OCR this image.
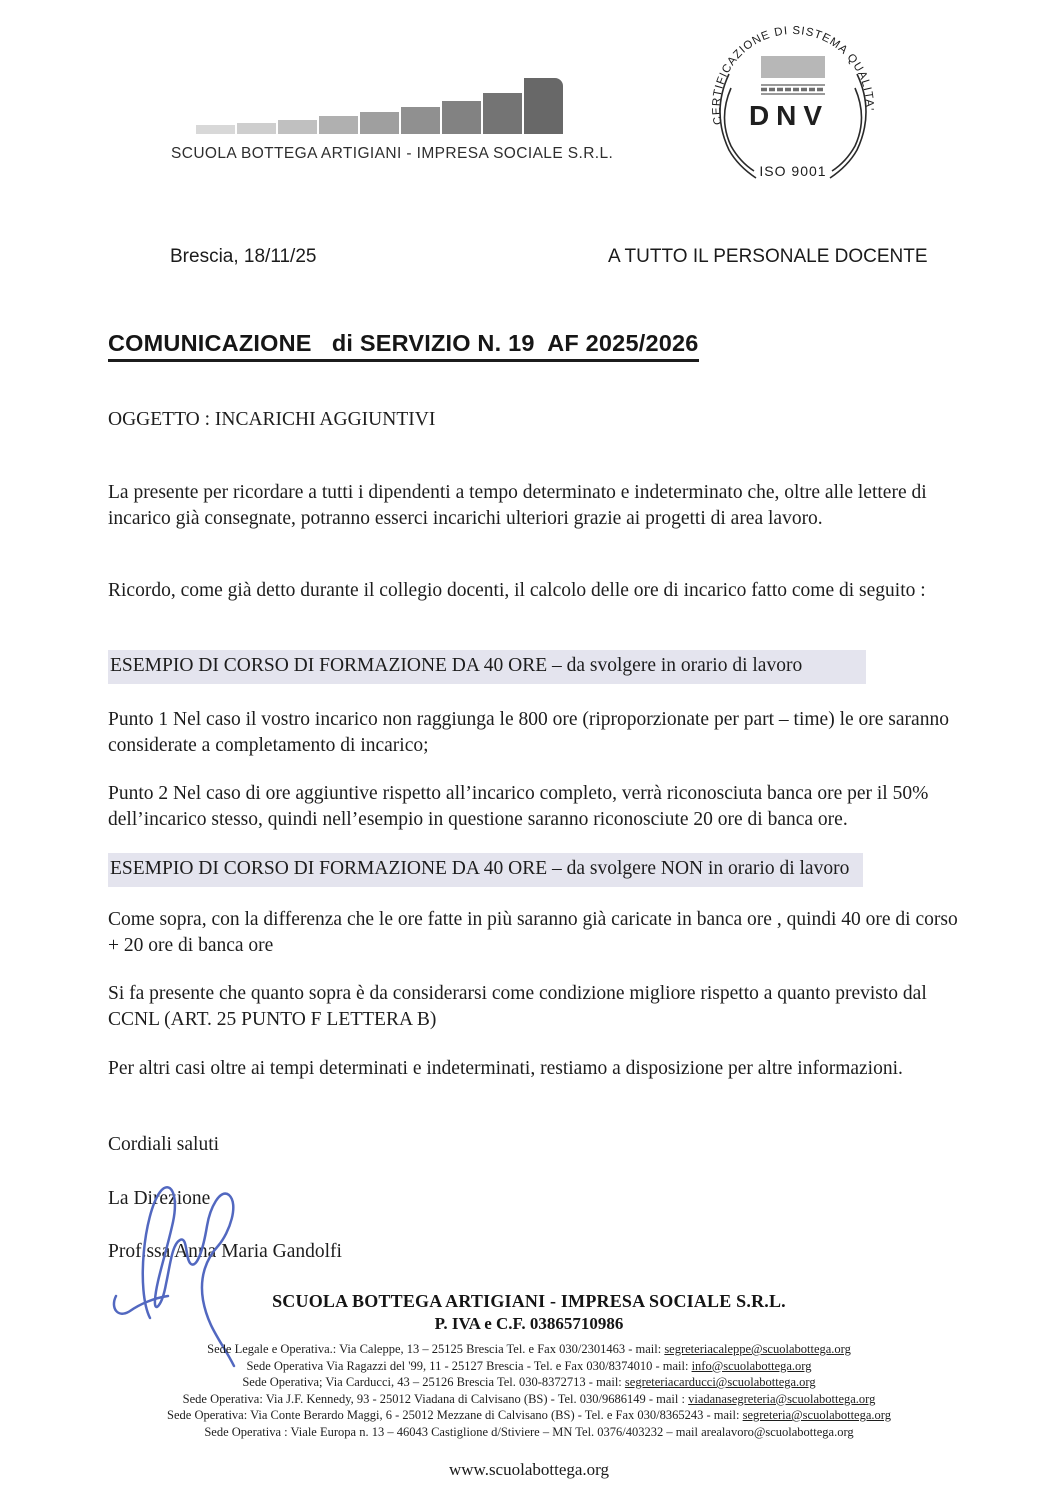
SCUOLA BOTTEGA ARTIGIANI - IMPRESA SOCIALE S.R.L.
CERTIFICAZIONE DI SISTEMA QUALITA'
DNV
ISO 9001
Brescia, 18/11/25	A TUTTO IL PERSONALE DOCENTE
COMUNICAZIONE   di SERVIZIO N. 19  AF 2025/2026
OGGETTO : INCARICHI AGGIUNTIVI
La presente per ricordare a tutti i dipendenti a tempo determinato e indeterminato che, oltre alle lettere di incarico già consegnate, potranno esserci incarichi ulteriori grazie ai progetti di area lavoro.
Ricordo, come già detto durante il collegio docenti, il calcolo delle ore di incarico fatto come di seguito :
ESEMPIO DI CORSO DI FORMAZIONE DA 40 ORE – da svolgere in orario di lavoro
Punto 1 Nel caso il vostro incarico non raggiunga le 800 ore (riproporzionate per part – time) le ore saranno considerate a completamento di incarico;
Punto 2 Nel caso di ore aggiuntive rispetto all’incarico completo, verrà riconosciuta banca ore per il 50% dell’incarico stesso, quindi nell’esempio in questione saranno riconosciute 20 ore di banca ore.
ESEMPIO DI CORSO DI FORMAZIONE DA 40 ORE – da svolgere NON in orario di lavoro
Come sopra, con la differenza che le ore fatte in più saranno già caricate in banca ore , quindi 40 ore di corso + 20 ore di banca ore
Si fa presente che quanto sopra è da considerarsi come condizione migliore rispetto a quanto previsto dal CCNL (ART. 25 PUNTO F LETTERA B)
Per altri casi oltre ai tempi determinati e indeterminati, restiamo a disposizione per altre informazioni.
Cordiali saluti
La Direzione
Prof.ssa Anna Maria Gandolfi
SCUOLA BOTTEGA ARTIGIANI - IMPRESA SOCIALE S.R.L.
P. IVA e C.F. 03865710986
Sede Legale e Operativa.: Via Caleppe, 13 – 25125 Brescia Tel. e Fax 030/2301463 - mail: segreteriacaleppe@scuolabottega.org
Sede Operativa Via Ragazzi del '99, 11 - 25127 Brescia - Tel. e Fax 030/8374010 - mail: info@scuolabottega.org
Sede Operativa; Via Carducci, 43 – 25126 Brescia Tel. 030-8372713 - mail: segreteriacarducci@scuolabottega.org
Sede Operativa: Via J.F. Kennedy, 93 - 25012 Viadana di Calvisano (BS) - Tel. 030/9686149 - mail : viadanasegreteria@scuolabottega.org
Sede Operativa: Via Conte Berardo Maggi, 6 - 25012 Mezzane di Calvisano (BS) - Tel. e Fax 030/8365243 - mail: segreteria@scuolabottega.org
Sede Operativa : Viale Europa n. 13 – 46043 Castiglione d/Stiviere – MN Tel. 0376/403232 – mail arealavoro@scuolabottega.org
www.scuolabottega.org
